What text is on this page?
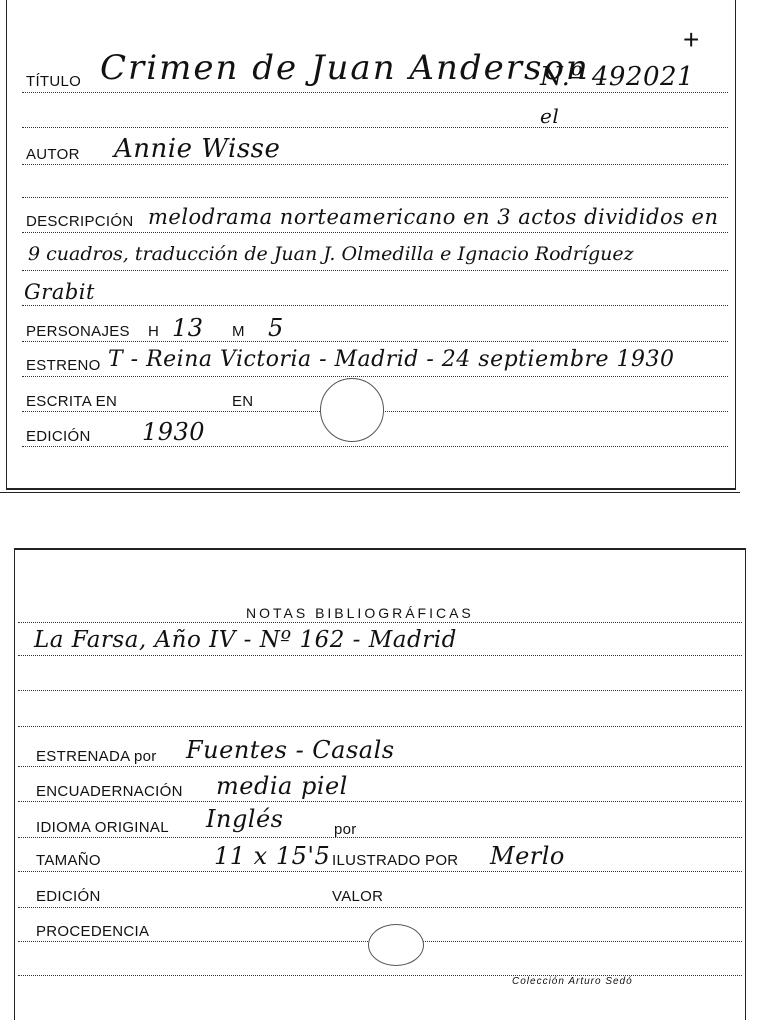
+
TÍTULO Crimen de Juan Anderson
N.º 492021
el
AUTOR Annie Wisse
DESCRIPCIÓN melodrama norteamericano en 3 actos divididos en
9 cuadros, traducción de Juan J. Olmedilla e Ignacio Rodríguez
Grabit
PERSONAJES H 13 M 5
ESTRENO T - Reina Victoria - Madrid - 24 septiembre 1930
ESCRITA EN	EN
EDICIÓN 1930
NOTAS BIBLIOGRÁFICAS
La Farsa, Año IV - Nº 162 - Madrid
ESTRENADA por Fuentes - Casals
ENCUADERNACIÓN media piel
IDIOMA ORIGINAL Inglés	por
TAMAÑO	11 x 15'5 ILUSTRADO POR Merlo
EDICIÓN	VALOR
PROCEDENCIA
Colección Arturo Sedó
